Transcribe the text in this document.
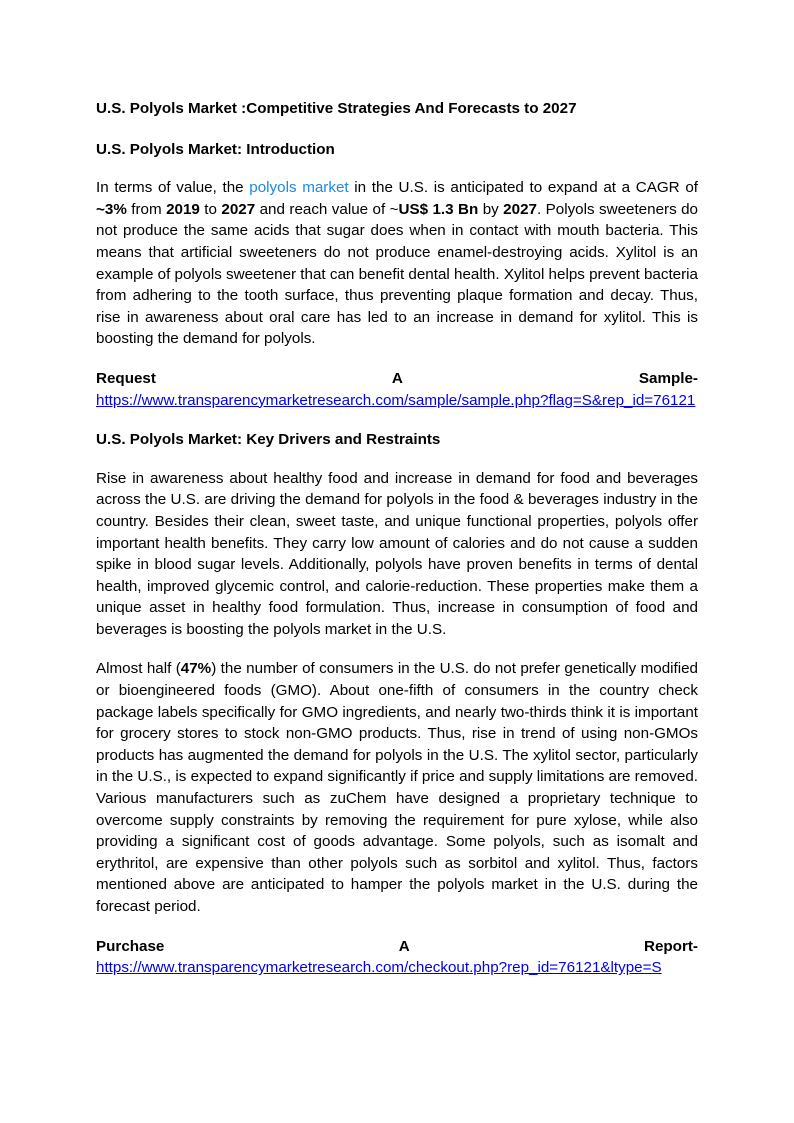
U.S. Polyols Market :Competitive Strategies And Forecasts to 2027
U.S. Polyols Market: Introduction

In terms of value, the polyols market in the U.S. is anticipated to expand at a CAGR of ~3% from 2019 to 2027 and reach value of ~US$ 1.3 Bn by 2027. Polyols sweeteners do not produce the same acids that sugar does when in contact with mouth bacteria. This means that artificial sweeteners do not produce enamel-destroying acids. Xylitol is an example of polyols sweetener that can benefit dental health. Xylitol helps prevent bacteria from adhering to the tooth surface, thus preventing plaque formation and decay. Thus, rise in awareness about oral care has led to an increase in demand for xylitol. This is boosting the demand for polyols.

Request	A	Sample-
https://www.transparencymarketresearch.com/sample/sample.php?flag=S&rep_id=76121
U.S. Polyols Market: Key Drivers and Restraints

Rise in awareness about healthy food and increase in demand for food and beverages across the U.S. are driving the demand for polyols in the food & beverages industry in the country. Besides their clean, sweet taste, and unique functional properties, polyols offer important health benefits. They carry low amount of calories and do not cause a sudden spike in blood sugar levels. Additionally, polyols have proven benefits in terms of dental health, improved glycemic control, and calorie-reduction. These properties make them a unique asset in healthy food formulation. Thus, increase in consumption of food and beverages is boosting the polyols market in the U.S.

Almost half (47%) the number of consumers in the U.S. do not prefer genetically modified or bioengineered foods (GMO). About one-fifth of consumers in the country check package labels specifically for GMO ingredients, and nearly two-thirds think it is important for grocery stores to stock non-GMO products. Thus, rise in trend of using non-GMOs products has augmented the demand for polyols in the U.S. The xylitol sector, particularly in the U.S., is expected to expand significantly if price and supply limitations are removed. Various manufacturers such as zuChem have designed a proprietary technique to overcome supply constraints by removing the requirement for pure xylose, while also providing a significant cost of goods advantage. Some polyols, such as isomalt and erythritol, are expensive than other polyols such as sorbitol and xylitol. Thus, factors mentioned above are anticipated to hamper the polyols market in the U.S. during the forecast period.

Purchase	A	Report-
https://www.transparencymarketresearch.com/checkout.php?rep_id=76121&ltype=S
